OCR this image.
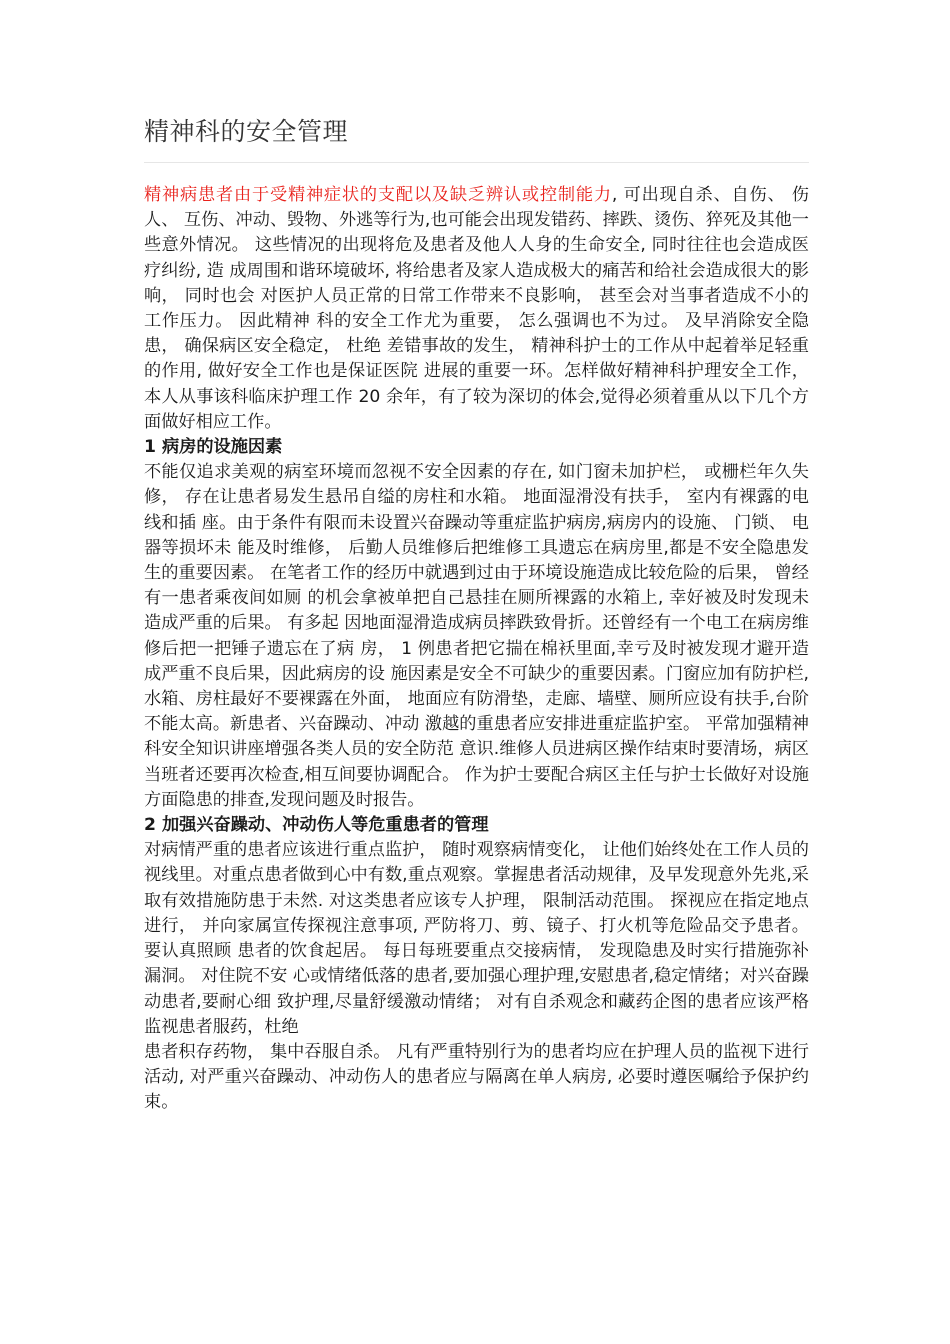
精神科的安全管理

精神病患者由于受精神症状的支配以及缺乏辨认或控制能力, 可出现自杀、自伤、 伤人、 互伤、冲动、毁物、外逃等行为,也可能会出现发错药、摔跌、烫伤、猝死及其他一些意外情况。 这些情况的出现将危及患者及他人人身的生命安全, 同时往往也会造成医疗纠纷, 造 成周围和谐环境破坏, 将给患者及家人造成极大的痛苦和给社会造成很大的影响， 同时也会 对医护人员正常的日常工作带来不良影响， 甚至会对当事者造成不小的工作压力。 因此精神 科的安全工作尤为重要， 怎么强调也不为过。 及早消除安全隐患， 确保病区安全稳定， 杜绝 差错事故的发生， 精神科护士的工作从中起着举足轻重的作用, 做好安全工作也是保证医院 进展的重要一环。怎样做好精神科护理安全工作，本人从事该科临床护理工作 20 余年，有了较为深切的体会,觉得必须着重从以下几个方面做好相应工作。

1 病房的设施因素

不能仅追求美观的病室环境而忽视不安全因素的存在, 如门窗未加护栏， 或栅栏年久失 修， 存在让患者易发生悬吊自缢的房柱和水箱。 地面湿滑没有扶手， 室内有裸露的电线和插 座。由于条件有限而未设置兴奋躁动等重症监护病房,病房内的设施、 门锁、 电器等损坏未 能及时维修， 后勤人员维修后把维修工具遗忘在病房里,都是不安全隐患发生的重要因素。 在笔者工作的经历中就遇到过由于环境设施造成比较危险的后果， 曾经有一患者乘夜间如厕 的机会拿被单把自己悬挂在厕所裸露的水箱上, 幸好被及时发现未造成严重的后果。 有多起 因地面湿滑造成病员摔跌致骨折。还曾经有一个电工在病房维修后把一把锤子遗忘在了病 房， 1 例患者把它揣在棉袄里面,幸亏及时被发现才避开造成严重不良后果，因此病房的设 施因素是安全不可缺少的重要因素。门窗应加有防护栏,水箱、房柱最好不要裸露在外面， 地面应有防滑垫，走廊、墙壁、厕所应设有扶手,台阶不能太高。新患者、兴奋躁动、冲动 激越的重患者应安排进重症监护室。 平常加强精神科安全知识讲座增强各类人员的安全防范 意识.维修人员进病区操作结束时要清场，病区当班者还要再次检查,相互间要协调配合。 作为护士要配合病区主任与护士长做好对设施方面隐患的排查,发现问题及时报告。

2 加强兴奋躁动、冲动伤人等危重患者的管理

对病情严重的患者应该进行重点监护， 随时观察病情变化， 让他们始终处在工作人员的 视线里。对重点患者做到心中有数,重点观察。掌握患者活动规律，及早发现意外先兆,采 取有效措施防患于未然. 对这类患者应该专人护理， 限制活动范围。 探视应在指定地点进行， 并向家属宣传探视注意事项, 严防将刀、剪、镜子、打火机等危险品交予患者。要认真照顾 患者的饮食起居。 每日每班要重点交接病情， 发现隐患及时实行措施弥补漏洞。 对住院不安 心或情绪低落的患者,要加强心理护理,安慰患者,稳定情绪；对兴奋躁动患者,要耐心细 致护理,尽量舒缓激动情绪； 对有自杀观念和藏药企图的患者应该严格监视患者服药，杜绝

患者积存药物， 集中吞服自杀。 凡有严重特别行为的患者均应在护理人员的监视下进行活动, 对严重兴奋躁动、冲动伤人的患者应与隔离在单人病房, 必要时遵医嘱给予保护约束。
